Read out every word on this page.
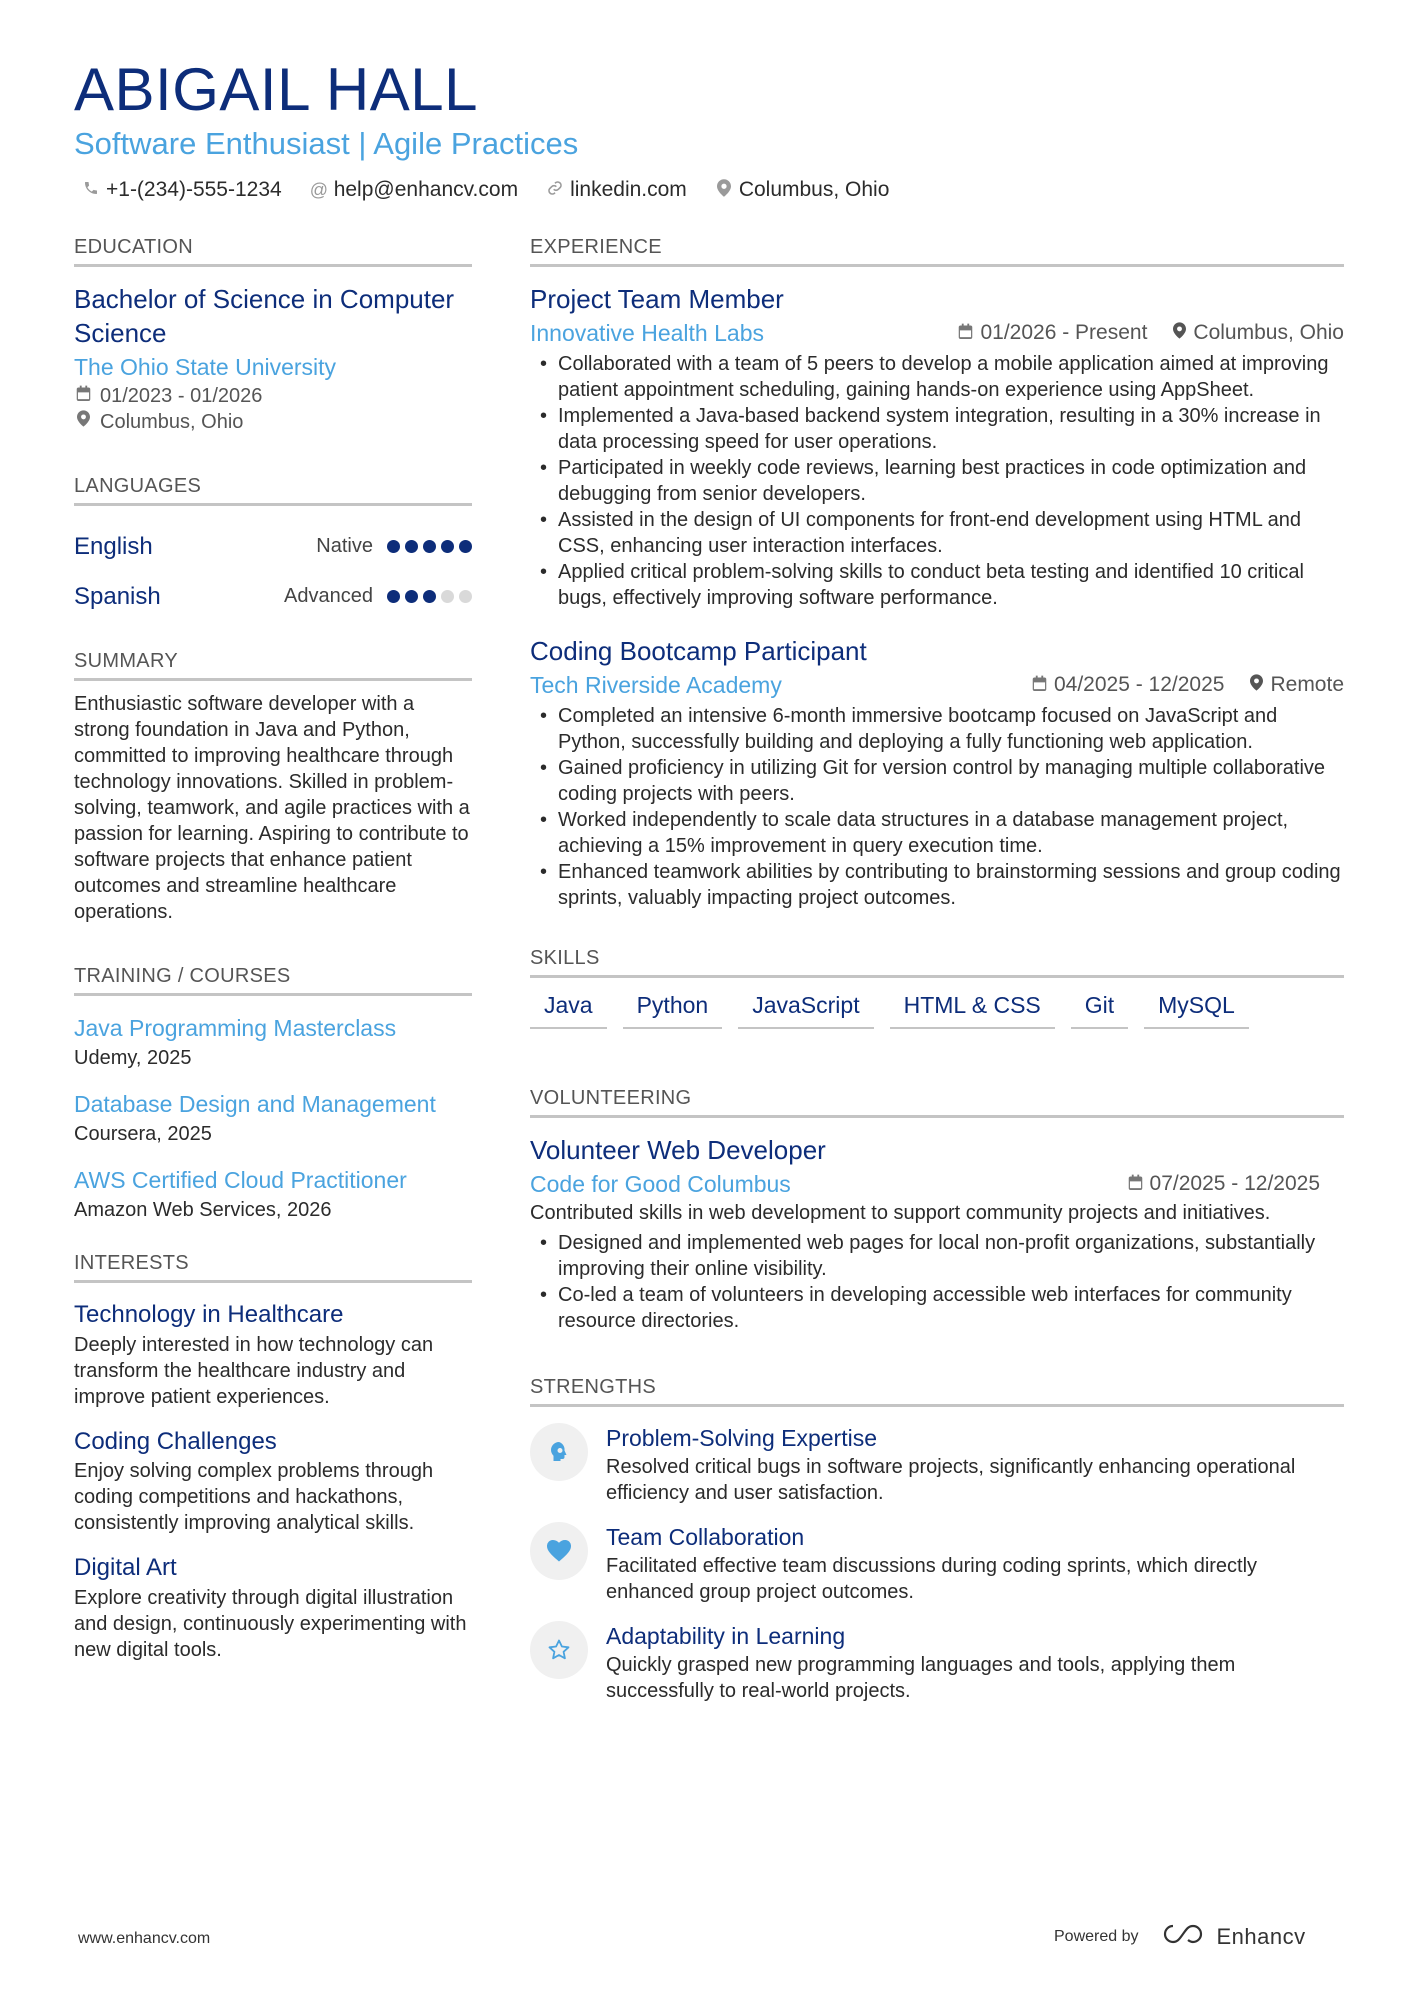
ABIGAIL HALL
Software Enthusiast | Agile Practices
+1-(234)-555-1234 @ help@enhancv.com linkedin.com Columbus, Ohio
EDUCATION
Bachelor of Science in Computer Science
The Ohio State University
01/2023 - 01/2026
Columbus, Ohio
LANGUAGES
English	Native
Spanish	Advanced
SUMMARY
Enthusiastic software developer with a strong foundation in Java and Python, committed to improving healthcare through technology innovations. Skilled in problem-solving, teamwork, and agile practices with a passion for learning. Aspiring to contribute to software projects that enhance patient outcomes and streamline healthcare operations.
TRAINING / COURSES
Java Programming Masterclass
Udemy, 2025
Database Design and Management
Coursera, 2025
AWS Certified Cloud Practitioner
Amazon Web Services, 2026
INTERESTS
Technology in Healthcare
Deeply interested in how technology can transform the healthcare industry and improve patient experiences.
Coding Challenges
Enjoy solving complex problems through coding competitions and hackathons, consistently improving analytical skills.
Digital Art
Explore creativity through digital illustration and design, continuously experimenting with new digital tools.
EXPERIENCE
Project Team Member
Innovative Health Labs	01/2026 - Present Columbus, Ohio
• Collaborated with a team of 5 peers to develop a mobile application aimed at improving patient appointment scheduling, gaining hands-on experience using AppSheet.
• Implemented a Java-based backend system integration, resulting in a 30% increase in data processing speed for user operations.
• Participated in weekly code reviews, learning best practices in code optimization and debugging from senior developers.
• Assisted in the design of UI components for front-end development using HTML and CSS, enhancing user interaction interfaces.
• Applied critical problem-solving skills to conduct beta testing and identified 10 critical bugs, effectively improving software performance.
Coding Bootcamp Participant
Tech Riverside Academy	04/2025 - 12/2025 Remote
• Completed an intensive 6-month immersive bootcamp focused on JavaScript and Python, successfully building and deploying a fully functioning web application.
• Gained proficiency in utilizing Git for version control by managing multiple collaborative coding projects with peers.
• Worked independently to scale data structures in a database management project, achieving a 15% improvement in query execution time.
• Enhanced teamwork abilities by contributing to brainstorming sessions and group coding sprints, valuably impacting project outcomes.
SKILLS
Java	Python	JavaScript	HTML & CSS	Git	MySQL
VOLUNTEERING
Volunteer Web Developer
Code for Good Columbus	07/2025 - 12/2025
Contributed skills in web development to support community projects and initiatives.
• Designed and implemented web pages for local non-profit organizations, substantially improving their online visibility.
• Co-led a team of volunteers in developing accessible web interfaces for community resource directories.
STRENGTHS
Problem-Solving Expertise
Resolved critical bugs in software projects, significantly enhancing operational efficiency and user satisfaction.
Team Collaboration
Facilitated effective team discussions during coding sprints, which directly enhanced group project outcomes.
Adaptability in Learning
Quickly grasped new programming languages and tools, applying them successfully to real-world projects.
www.enhancv.com	Powered by	Enhancv
